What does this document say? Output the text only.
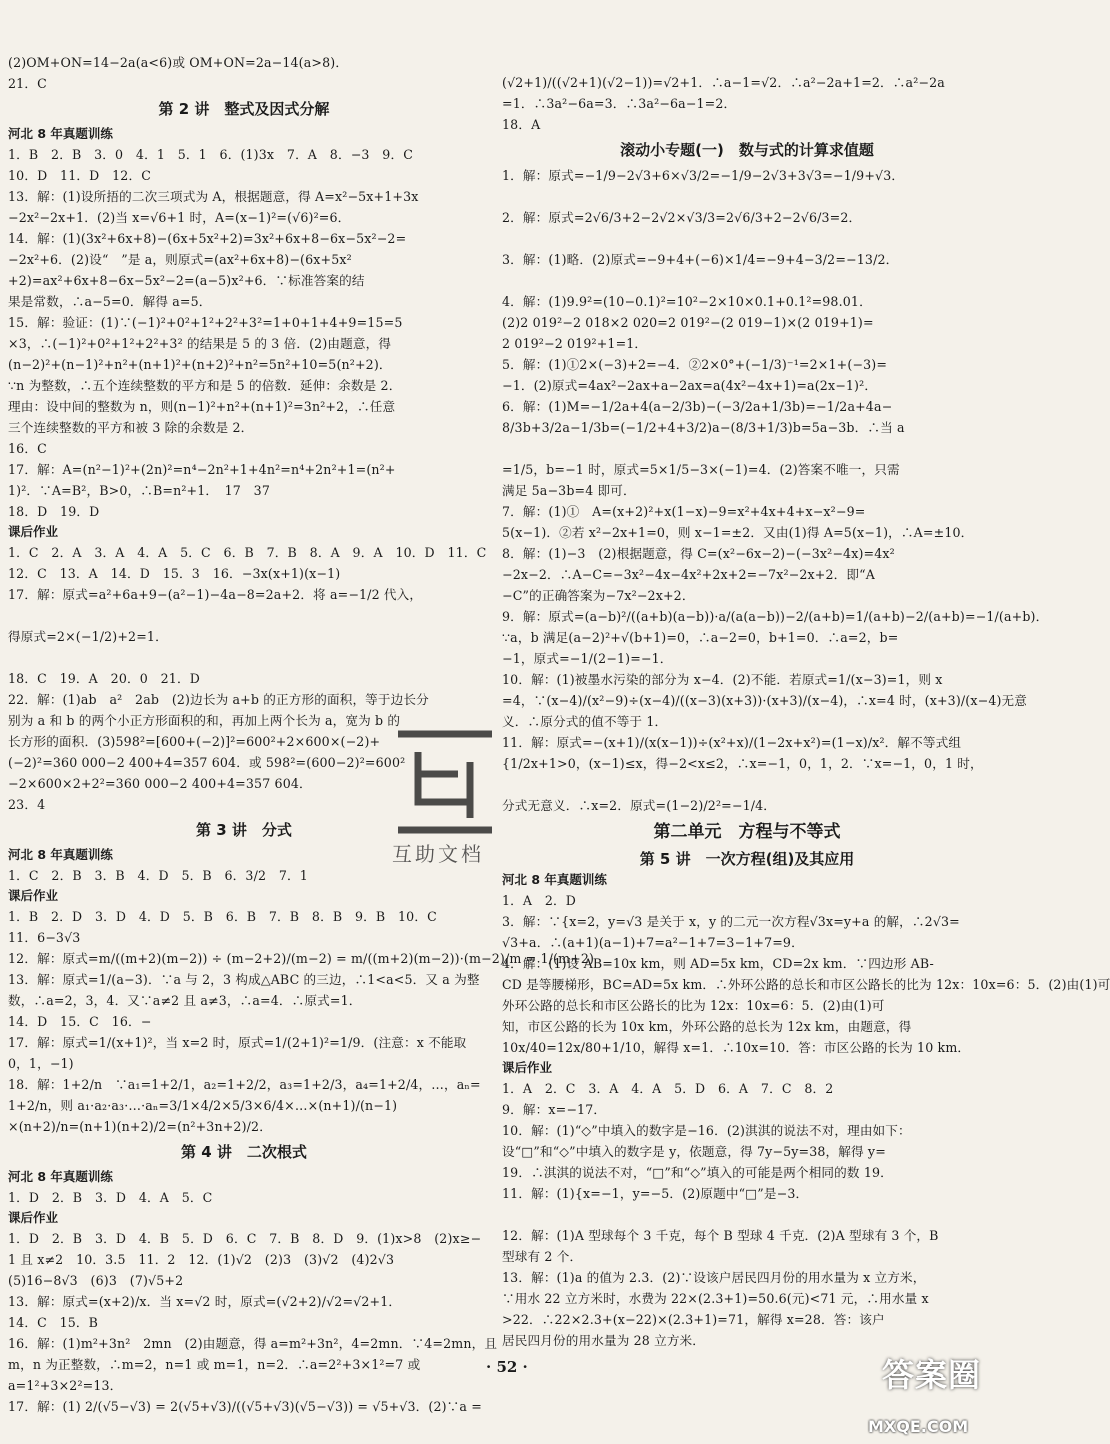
(2)OM+ON=14−2a(a<6)或 OM+ON=2a−14(a>8)．
21．C
第 2 讲　整式及因式分解
河北 8 年真题训练
1．B　2．B　3．0　4．1　5．1　6．(1)3x　7．A　8．−3　9．C
10．D　11．D　12．C
13．解：(1)设所捂的二次三项式为 A，根据题意，得 A=x²−5x+1+3x
−2x²−2x+1．(2)当 x=√6+1 时，A=(x−1)²=(√6)²=6．
14．解：(1)(3x²+6x+8)−(6x+5x²+2)=3x²+6x+8−6x−5x²−2=
−2x²+6．(2)设“　”是 a，则原式=(ax²+6x+8)−(6x+5x²
+2)=ax²+6x+8−6x−5x²−2=(a−5)x²+6．∵标准答案的结
果是常数，∴a−5=0．解得 a=5．
15．解：验证：(1)∵(−1)²+0²+1²+2²+3²=1+0+1+4+9=15=5
×3，∴(−1)²+0²+1²+2²+3² 的结果是 5 的 3 倍．(2)由题意，得
(n−2)²+(n−1)²+n²+(n+1)²+(n+2)²+n²=5n²+10=5(n²+2)．
∵n 为整数，∴五个连续整数的平方和是 5 的倍数．延伸：余数是 2．
理由：设中间的整数为 n，则(n−1)²+n²+(n+1)²=3n²+2，∴任意
三个连续整数的平方和被 3 除的余数是 2．
16．C
17．解：A=(n²−1)²+(2n)²=n⁴−2n²+1+4n²=n⁴+2n²+1=(n²+
1)²．∵A=B²，B>0，∴B=n²+1．　17　37
18．D　19．D
课后作业
1．C　2．A　3．A　4．A　5．C　6．B　7．B　8．A　9．A　10．D　11．C
12．C　13．A　14．D　15．3　16．−3x(x+1)(x−1)
17．解：原式=a²+6a+9−(a²−1)−4a−8=2a+2．将 a=−1/2 代入，

得原式=2×(−1/2)+2=1．

18．C　19．A　20．0　21．D
22．解：(1)ab　a²　2ab　(2)边长为 a+b 的正方形的面积，等于边长分
别为 a 和 b 的两个小正方形面积的和，再加上两个长为 a，宽为 b 的
长方形的面积．(3)598²=[600+(−2)]²=600²+2×600×(−2)+
(−2)²=360 000−2 400+4=357 604．或 598²=(600−2)²=600²
−2×600×2+2²=360 000−2 400+4=357 604．
23．4
第 3 讲　分式
河北 8 年真题训练
1．C　2．B　3．B　4．D　5．B　6．3/2　7．1
课后作业
1．B　2．D　3．D　4．D　5．B　6．B　7．B　8．B　9．B　10．C
11．6−3√3
12．解：原式=m/((m+2)(m−2)) ÷ (m−2+2)/(m−2) = m/((m+2)(m−2))·(m−2)/m = 1/(m+2)
13．解：原式=1/(a−3)．∵a 与 2，3 构成△ABC 的三边，∴1<a<5．又 a 为整
数，∴a=2，3，4．又∵a≠2 且 a≠3，∴a=4．∴原式=1．
14．D　15．C　16．−
17．解：原式=1/(x+1)²，当 x=2 时，原式=1/(2+1)²=1/9．(注意：x 不能取
0，1，−1)
18．解：1+2/n　∵a₁=1+2/1，a₂=1+2/2，a₃=1+2/3，a₄=1+2/4，…，aₙ=
1+2/n，则 a₁·a₂·a₃·…·aₙ=3/1×4/2×5/3×6/4×…×(n+1)/(n−1)
×(n+2)/n=(n+1)(n+2)/2=(n²+3n+2)/2．
第 4 讲　二次根式
河北 8 年真题训练
1．D　2．B　3．D　4．A　5．C
课后作业
1．D　2．B　3．D　4．B　5．D　6．C　7．B　8．D　9．(1)x>8　(2)x≥−
1 且 x≠2　10．3.5　11．2　12．(1)√2　(2)3　(3)√2　(4)2√3
(5)16−8√3　(6)3　(7)√5+2
13．解：原式=(x+2)/x．当 x=√2 时，原式=(√2+2)/√2=√2+1．
14．C　15．B
16．解：(1)m²+3n²　2mn　(2)由题意，得 a=m²+3n²，4=2mn．∵4=2mn，且
m，n 为正整数，∴m=2，n=1 或 m=1，n=2．∴a=2²+3×1²=7 或
a=1²+3×2²=13．
17．解：(1) 2/(√5−√3) = 2(√5+√3)/((√5+√3)(√5−√3)) = √5+√3．(2)∵a =
(√2+1)/((√2+1)(√2−1))=√2+1．∴a−1=√2．∴a²−2a+1=2．∴a²−2a
=1．∴3a²−6a=3．∴3a²−6a−1=2．
18．A
滚动小专题(一)　数与式的计算求值题
1．解：原式=−1/9−2√3+6×√3/2=−1/9−2√3+3√3=−1/9+√3．

2．解：原式=2√6/3+2−2√2×√3/3=2√6/3+2−2√6/3=2．

3．解：(1)略．(2)原式=−9+4+(−6)×1/4=−9+4−3/2=−13/2．

4．解：(1)9.9²=(10−0.1)²=10²−2×10×0.1+0.1²=98.01．
(2)2 019²−2 018×2 020=2 019²−(2 019−1)×(2 019+1)=
2 019²−2 019²+1=1．
5．解：(1)①2×(−3)+2=−4．②2×0°+(−1/3)⁻¹=2×1+(−3)=
−1．(2)原式=4ax²−2ax+a−2ax=a(4x²−4x+1)=a(2x−1)²．
6．解：(1)M=−1/2a+4(a−2/3b)−(−3/2a+1/3b)=−1/2a+4a−
8/3b+3/2a−1/3b=(−1/2+4+3/2)a−(8/3+1/3)b=5a−3b．∴当 a

=1/5，b=−1 时，原式=5×1/5−3×(−1)=4．(2)答案不唯一，只需
满足 5a−3b=4 即可．
7．解：(1)①　A=(x+2)²+x(1−x)−9=x²+4x+4+x−x²−9=
5(x−1)．②若 x²−2x+1=0，则 x−1=±2．又由(1)得 A=5(x−1)，∴A=±10．
8．解：(1)−3　(2)根据题意，得 C=(x²−6x−2)−(−3x²−4x)=4x²
−2x−2．∴A−C=−3x²−4x−4x²+2x+2=−7x²−2x+2．即“A
−C”的正确答案为−7x²−2x+2．
9．解：原式=(a−b)²/((a+b)(a−b))·a/(a(a−b))−2/(a+b)=1/(a+b)−2/(a+b)=−1/(a+b)．
∵a，b 满足(a−2)²+√(b+1)=0，∴a−2=0，b+1=0．∴a=2，b=
−1，原式=−1/(2−1)=−1．
10．解：(1)被墨水污染的部分为 x−4．(2)不能．若原式=1/(x−3)=1，则 x
=4，∵(x−4)/(x²−9)÷(x−4)/((x−3)(x+3))·(x+3)/(x−4)，∴x=4 时，(x+3)/(x−4)无意
义．∴原分式的值不等于 1．
11．解：原式=−(x+1)/(x(x−1))÷(x²+x)/(1−2x+x²)=(1−x)/x²．解不等式组
{1/2x+1>0，(x−1)≤x，得−2<x≤2，∴x=−1，0，1，2．∵x=−1，0，1 时，

分式无意义．∴x=2．原式=(1−2)/2²=−1/4．
第二单元　方程与不等式
第 5 讲　一次方程(组)及其应用
河北 8 年真题训练
1．A　2．D
3．解：∵{x=2，y=√3 是关于 x，y 的二元一次方程√3x=y+a 的解，∴2√3=
√3+a．∴(a+1)(a−1)+7=a²−1+7=3−1+7=9．
4．解：(1)设 AB=10x km，则 AD=5x km，CD=2x km．∵四边形 AB-
CD 是等腰梯形，BC=AD=5x km．∴外环公路的总长和市区公路长的比为 12x：10x=6：5．(2)由(1)可
外环公路的总长和市区公路长的比为 12x：10x=6：5．(2)由(1)可
知，市区公路的长为 10x km，外环公路的总长为 12x km，由题意，得
10x/40=12x/80+1/10，解得 x=1．∴10x=10．答：市区公路的长为 10 km．
课后作业
1．A　2．C　3．A　4．A　5．D　6．A　7．C　8．2
9．解：x=−17．
10．解：(1)“◇”中填入的数字是−16．(2)淇淇的说法不对，理由如下：
设“□”和“◇”中填入的数字是 y，依题意，得 7y−5y=38，解得 y=
19．∴淇淇的说法不对，“□”和“◇”填入的可能是两个相同的数 19．
11．解：(1){x=−1，y=−5．(2)原题中“□”是−3．

12．解：(1)A 型球每个 3 千克，每个 B 型球 4 千克．(2)A 型球有 3 个，B
型球有 2 个．
13．解：(1)a 的值为 2.3．(2)∵设该户居民四月份的用水量为 x 立方米，
∵用水 22 立方米时，水费为 22×(2.3+1)=50.6(元)<71 元，∴用水量 x
>22．∴22×2.3+(x−22)×(2.3+1)=71，解得 x=28．答：该户
居民四月份的用水量为 28 立方米．
互助文档
· 52 ·	答案圈
MXQE.COM
